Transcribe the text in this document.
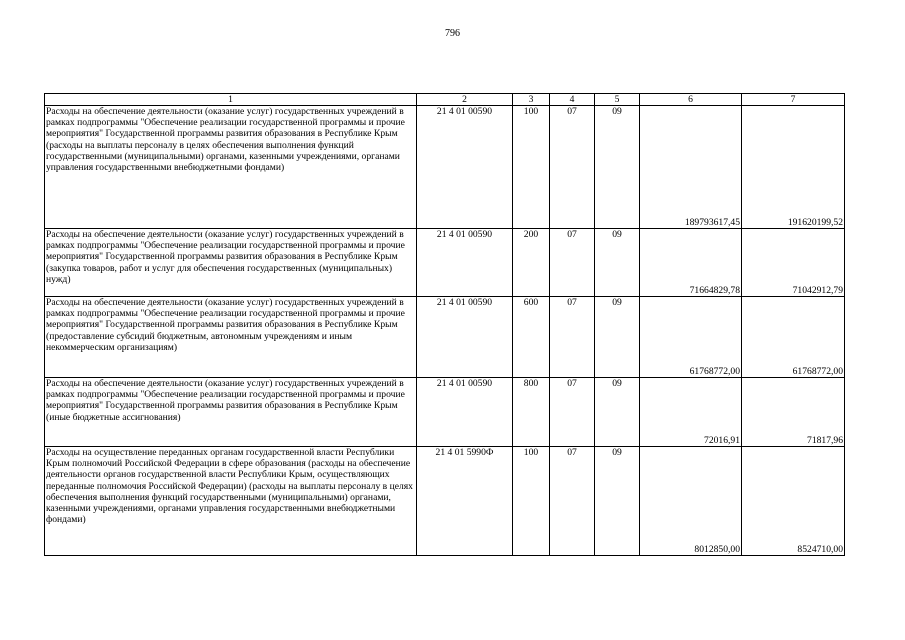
796
1	2	3	4	5	6	7
Расходы на обеспечение деятельности (оказание услуг) государственных учреждений в рамках подпрограммы "Обеспечение реализации государственной программы и прочие мероприятия" Государственной программы развития образования в Республике Крым (расходы на выплаты персоналу в целях обеспечения выполнения функций государственными (муниципальными) органами, казенными учреждениями, органами управления государственными внебюджетными фондами)	21 4 01 00590	100	07	09	189793617,45	191620199,52
Расходы на обеспечение деятельности (оказание услуг) государственных учреждений в рамках подпрограммы "Обеспечение реализации государственной программы и прочие мероприятия" Государственной программы развития образования в Республике Крым (закупка товаров, работ и услуг для обеспечения государственных (муниципальных) нужд)	21 4 01 00590	200	07	09	71664829,78	71042912,79
Расходы на обеспечение деятельности (оказание услуг) государственных учреждений в рамках подпрограммы "Обеспечение реализации государственной программы и прочие мероприятия" Государственной программы развития образования в Республике Крым (предоставление субсидий бюджетным, автономным учреждениям и иным некоммерческим организациям)	21 4 01 00590	600	07	09	61768772,00	61768772,00
Расходы на обеспечение деятельности (оказание услуг) государственных учреждений в рамках подпрограммы "Обеспечение реализации государственной программы и прочие мероприятия" Государственной программы развития образования в Республике Крым (иные бюджетные ассигнования)	21 4 01 00590	800	07	09	72016,91	71817,96
Расходы на осуществление переданных органам государственной власти Республики Крым полномочий Российской Федерации в сфере образования (расходы на обеспечение деятельности органов государственной власти Республики Крым, осуществляющих переданные полномочия Российской Федерации) (расходы на выплаты персоналу в целях обеспечения выполнения функций государственными (муниципальными) органами, казенными учреждениями, органами управления государственными внебюджетными фондами)	21 4 01 5990Ф	100	07	09	8012850,00	8524710,00
